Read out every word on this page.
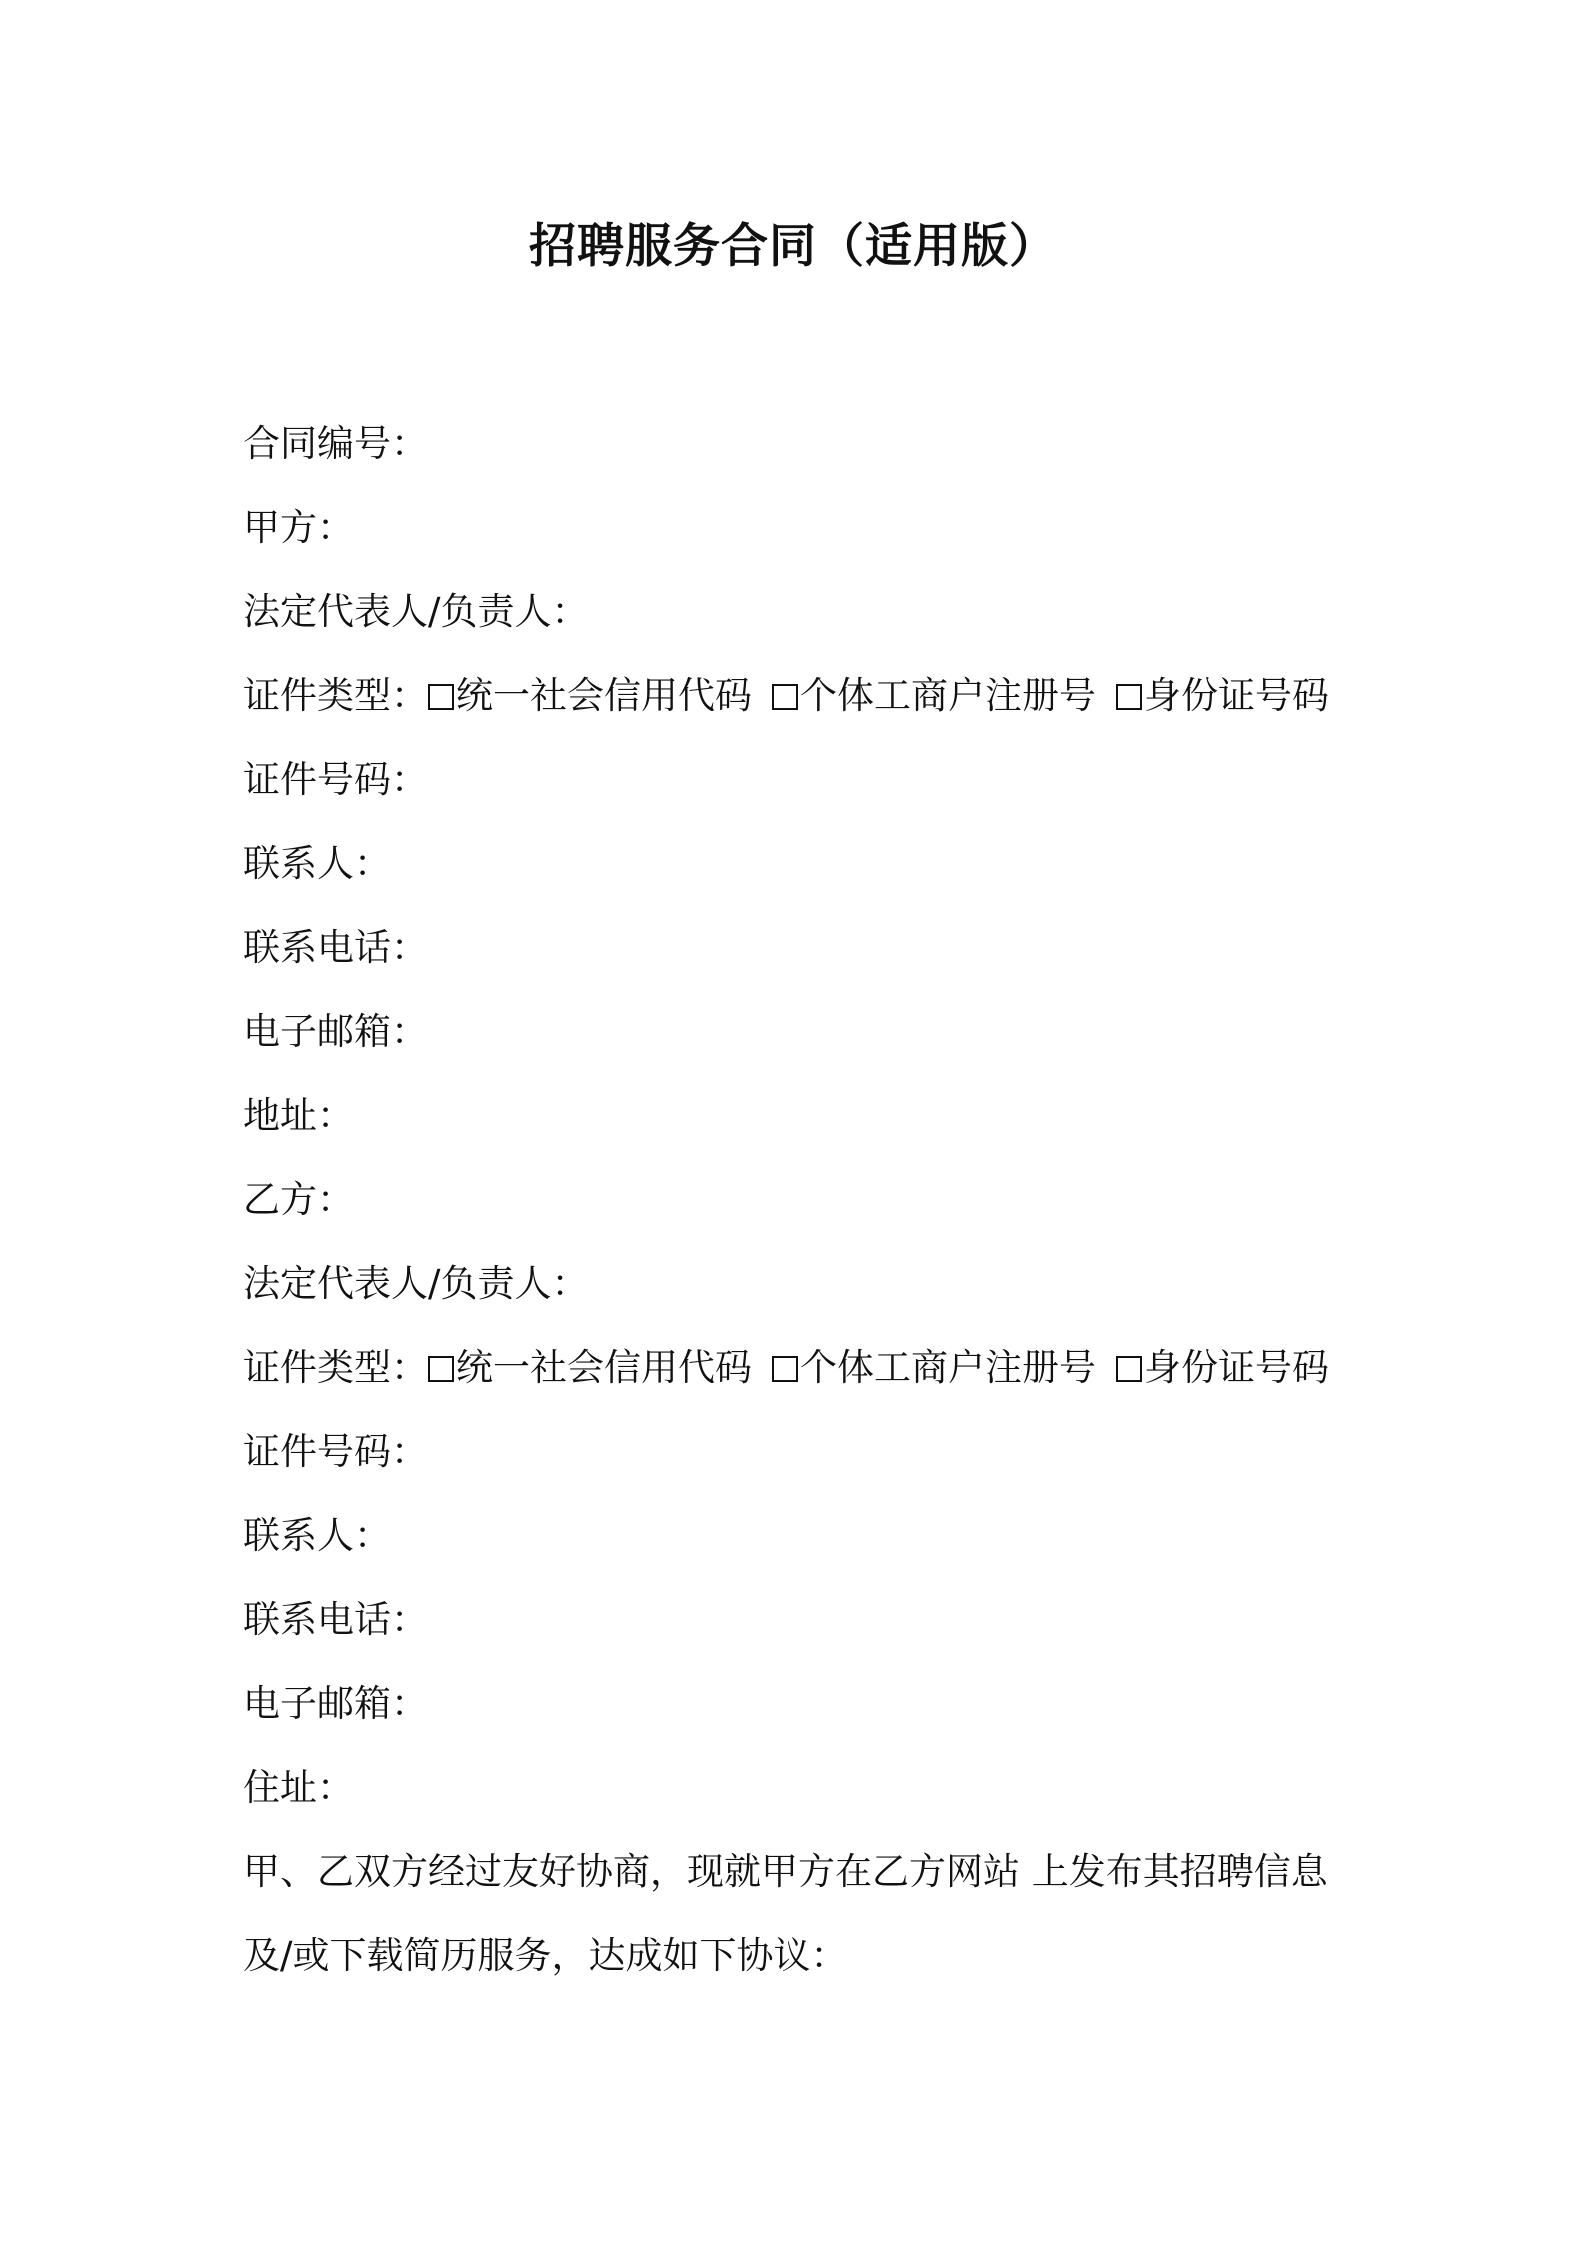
招聘服务合同（适用版）
合同编号：
甲方：
法定代表人/负责人：
证件类型： 统一社会信用代码 个体工商户注册号 身份证号码
证件号码：
联系人：
联系电话：
电子邮箱：
地址：
乙方：
法定代表人/负责人：
证件类型： 统一社会信用代码 个体工商户注册号 身份证号码
证件号码：
联系人：
联系电话：
电子邮箱：
住址：
甲、乙双方经过友好协商，现就甲方在乙方网站 上发布其招聘信息
及/或下载简历服务，达成如下协议：
